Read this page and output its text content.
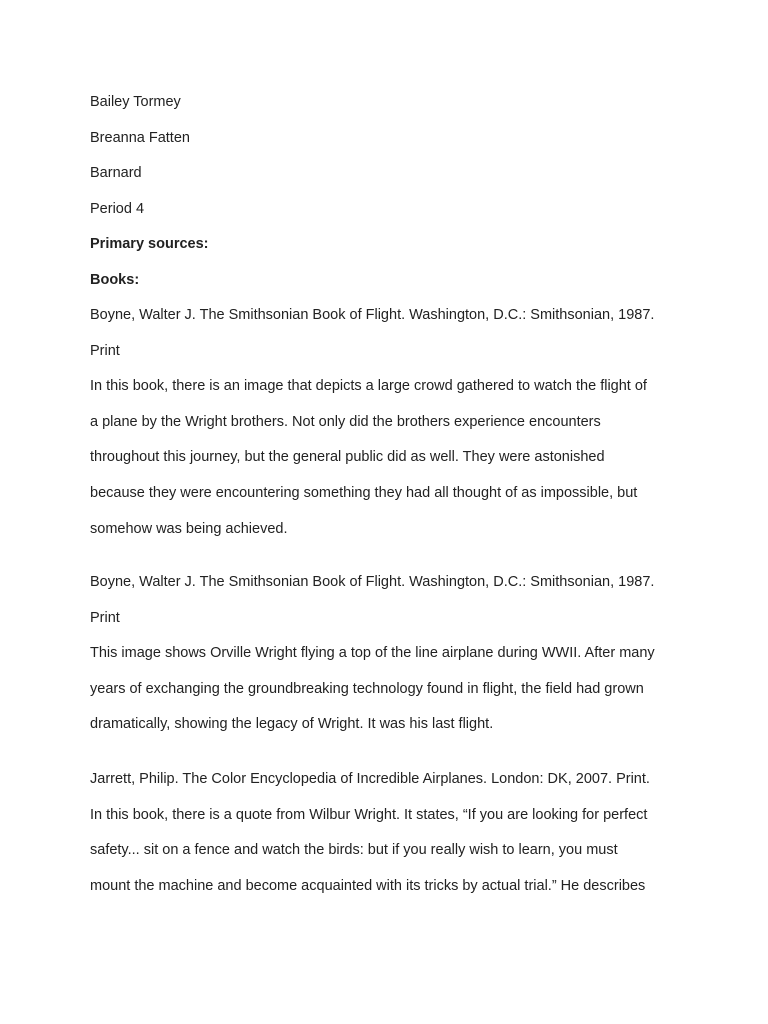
Bailey Tormey
Breanna Fatten
Barnard
Period 4
Primary sources:
Books:
Boyne, Walter J. The Smithsonian Book of Flight. Washington, D.C.: Smithsonian, 1987.
Print
In this book, there is an image that depicts a large crowd gathered to watch the flight of
a plane by the Wright brothers. Not only did the brothers experience encounters
throughout this journey, but the general public did as well. They were astonished
because they were encountering something they had all thought of as impossible, but
somehow was being achieved.
Boyne, Walter J. The Smithsonian Book of Flight. Washington, D.C.: Smithsonian, 1987.
Print
This image shows Orville Wright flying a top of the line airplane during WWII. After many
years of exchanging the groundbreaking technology found in flight, the field had grown
dramatically, showing the legacy of Wright. It was his last flight.
Jarrett, Philip. The Color Encyclopedia of Incredible Airplanes. London: DK, 2007. Print.
In this book, there is a quote from Wilbur Wright. It states, “If you are looking for perfect
safety... sit on a fence and watch the birds: but if you really wish to learn, you must
mount the machine and become acquainted with its tricks by actual trial.” He describes
